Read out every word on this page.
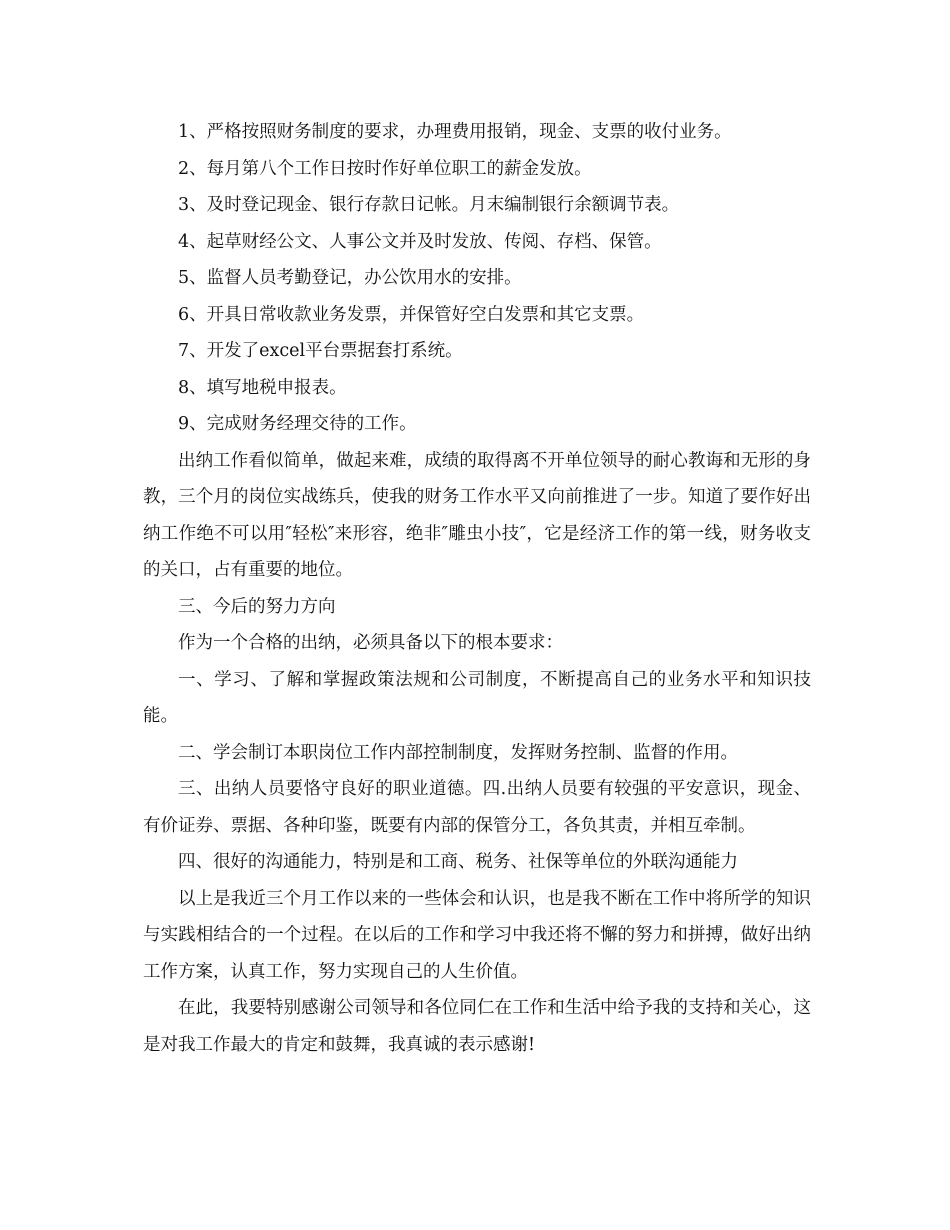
1、严格按照财务制度的要求，办理费用报销，现金、支票的收付业务。

2、每月第八个工作日按时作好单位职工的薪金发放。

3、及时登记现金、银行存款日记帐。月末编制银行余额调节表。

4、起草财经公文、人事公文并及时发放、传阅、存档、保管。

5、监督人员考勤登记，办公饮用水的安排。

6、开具日常收款业务发票，并保管好空白发票和其它支票。

7、开发了excel平台票据套打系统。

8、填写地税申报表。

9、完成财务经理交待的工作。

出纳工作看似简单，做起来难，成绩的取得离不开单位领导的耐心教诲和无形的身教，三个月的岗位实战练兵，使我的财务工作水平又向前推进了一步。知道了要作好出纳工作绝不可以用″轻松″来形容，绝非″雕虫小技″，它是经济工作的第一线，财务收支的关口，占有重要的地位。

三、今后的努力方向

作为一个合格的出纳，必须具备以下的根本要求：

一、学习、了解和掌握政策法规和公司制度，不断提高自己的业务水平和知识技能。

二、学会制订本职岗位工作内部控制制度，发挥财务控制、监督的作用。

三、出纳人员要恪守良好的职业道德。四.出纳人员要有较强的平安意识，现金、有价证券、票据、各种印鉴，既要有内部的保管分工，各负其责，并相互牵制。

四、很好的沟通能力，特别是和工商、税务、社保等单位的外联沟通能力

以上是我近三个月工作以来的一些体会和认识，也是我不断在工作中将所学的知识与实践相结合的一个过程。在以后的工作和学习中我还将不懈的努力和拼搏，做好出纳工作方案，认真工作，努力实现自己的人生价值。

在此，我要特别感谢公司领导和各位同仁在工作和生活中给予我的支持和关心，这是对我工作最大的肯定和鼓舞，我真诚的表示感谢!
